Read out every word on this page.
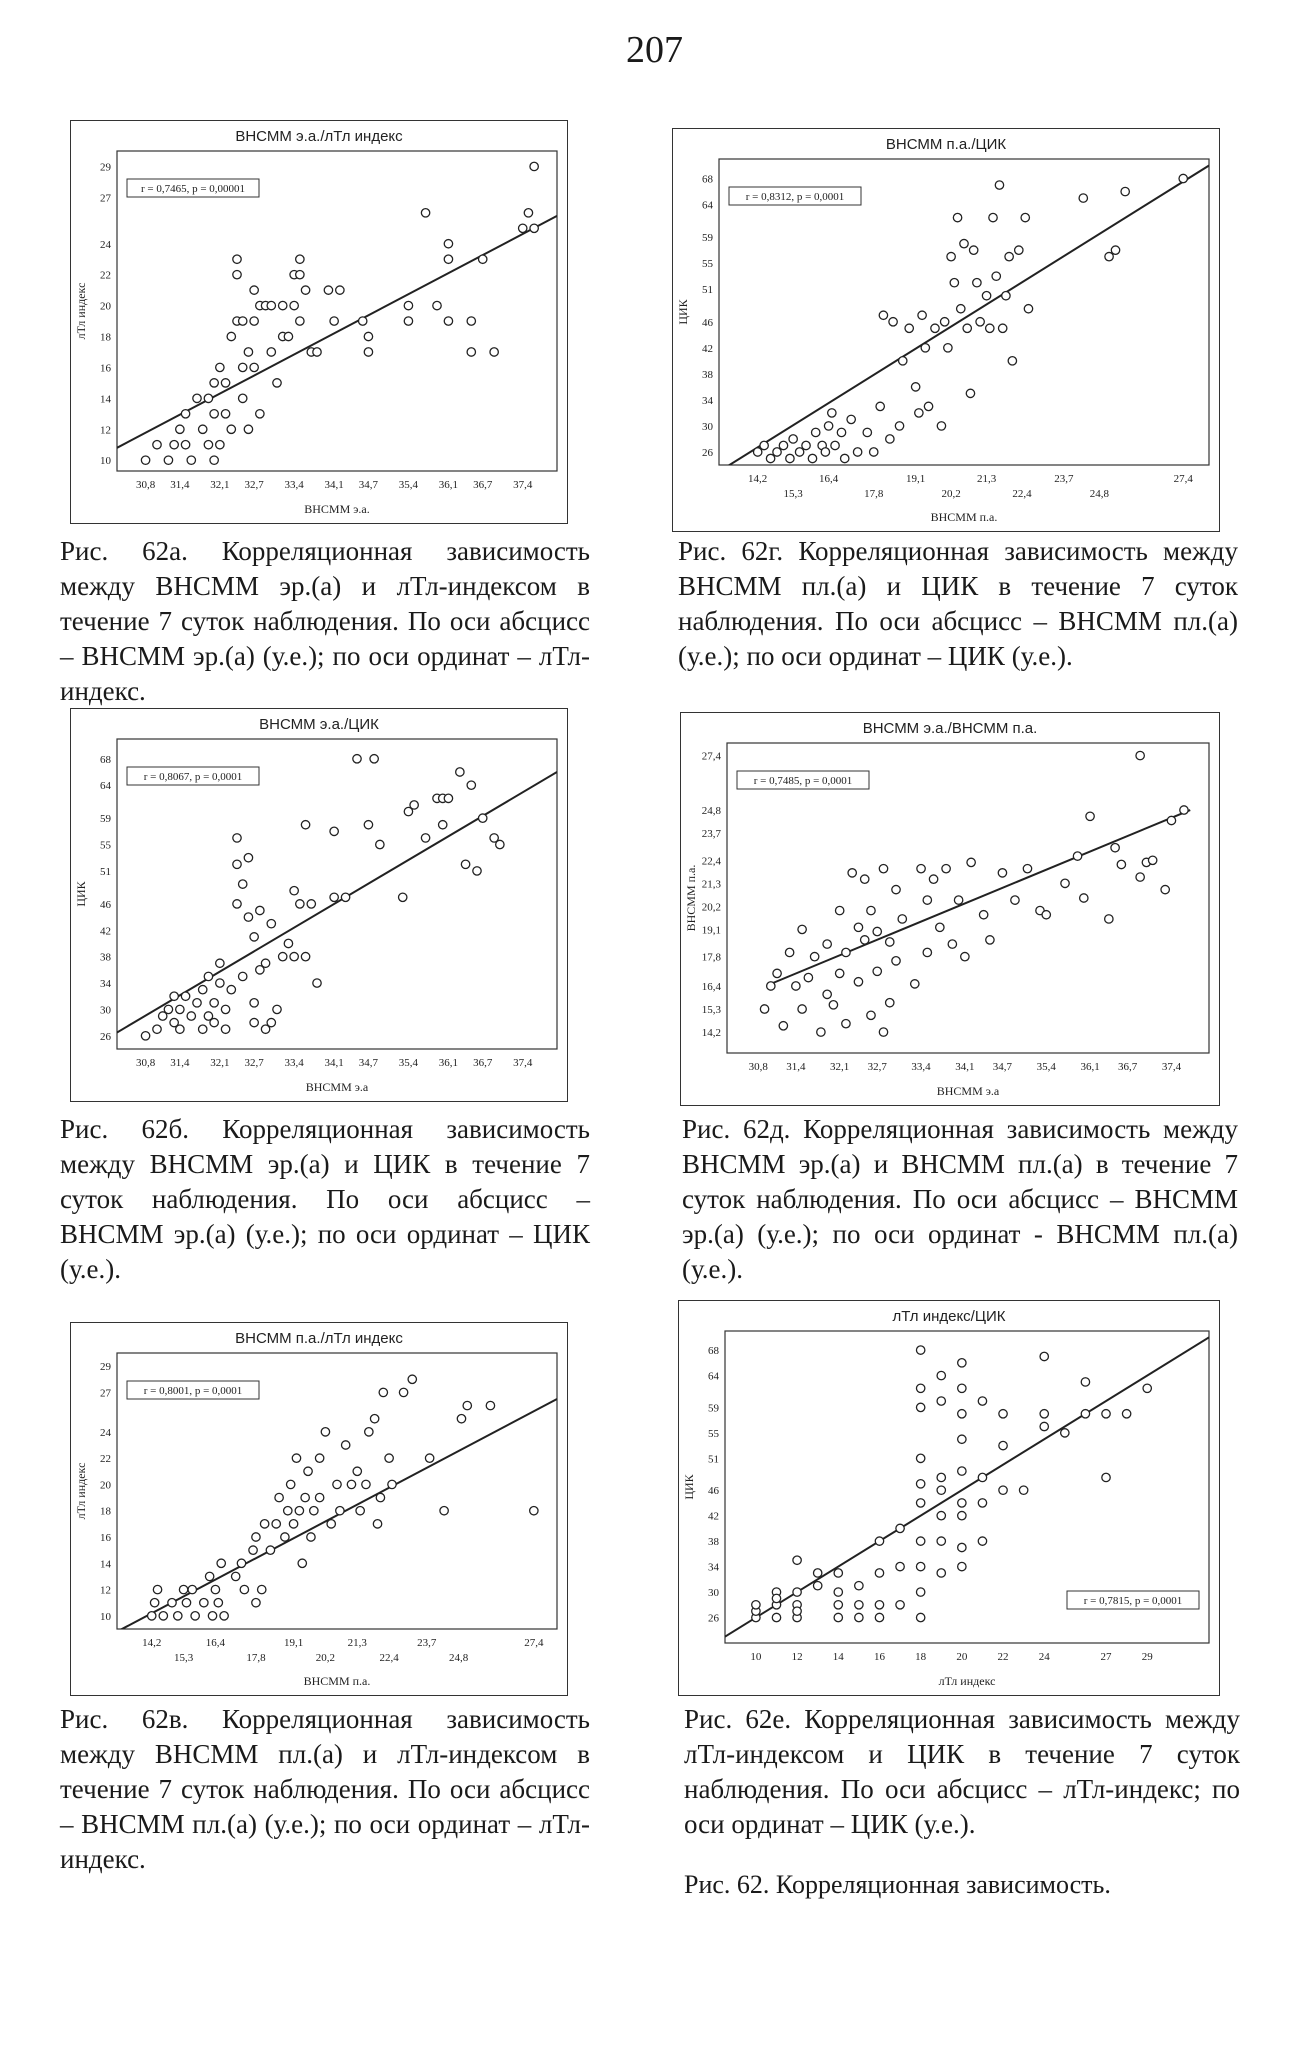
207
ВНСММ э.а./лТл индекс
30,8 31,4 32,1 32,7 33,4 34,1 34,7 35,4 36,1 36,7 37,4
10
12
14
16
18
20
22
24
27
29
ВНСММ э.а.
лТл индекс
r = 0,7465, p = 0,00001
Рис. 62а. Корреляционная зависимость между ВНСММ эр.(а) и лТл-индексом в течение 7 суток наблюдения. По оси абсцисс – ВНСММ эр.(а) (у.е.); по оси ординат – лТл-индекс.
ВНСММ э.а./ЦИК
30,8 31,4 32,1 32,7 33,4 34,1 34,7 35,4 36,1 36,7 37,4
26
30
34
38
42
46
51
55
59
64
68
ВНСММ э.а
ЦИК
r = 0,8067, p = 0,0001
Рис. 62б. Корреляционная зависимость между ВНСММ эр.(а) и ЦИК в течение 7 суток наблюдения. По оси абсцисс – ВНСММ эр.(а) (у.е.); по оси ординат – ЦИК (у.е.).
ВНСММ п.а./лТл индекс
14,2	16,4	19,1	21,3	23,7	27,4
15,3	17,8	20,2	22,4	24,8
10
12
14
16
18
20
22
24
27
29
ВНСММ п.а.
лТл индекс
r = 0,8001, p = 0,0001
Рис. 62в. Корреляционная зависимость между ВНСММ пл.(а) и лТл-индексом в течение 7 суток наблюдения. По оси абсцисс – ВНСММ пл.(а) (у.е.); по оси ординат – лТл-индекс.
ВНСММ п.а./ЦИК
14,2	16,4	19,1	21,3	23,7	27,4
15,3	17,8	20,2	22,4	24,8
26
30
34
38
42
46
51
55
59
64
68
ВНСММ п.а.
ЦИК
r = 0,8312, p = 0,0001
Рис. 62г. Корреляционная зависимость между ВНСММ пл.(а) и ЦИК в течение 7 суток наблюдения. По оси абсцисс – ВНСММ пл.(а) (у.е.); по оси ординат – ЦИК (у.е.).
ВНСММ э.а./ВНСММ п.а.
30,8 31,4 32,1 32,7 33,4 34,1 34,7 35,4 36,1 36,7 37,4
14,2
15,3
16,4
17,8
19,1
20,2
21,3
22,4
23,7
24,8
27,4
ВНСММ э.а
ВНСММ п.а.
r = 0,7485, p = 0,0001
Рис. 62д. Корреляционная зависимость между ВНСММ эр.(а) и ВНСММ пл.(а) в течение 7 суток наблюдения. По оси абсцисс – ВНСММ эр.(а) (у.е.); по оси ординат - ВНСММ пл.(а) (у.е.).
лТл индекс/ЦИК
10	12	14	16	18	20	22	24	27	29
26
30
34
38
42
46
51
55
59
64
68
лТл индекс
ЦИК
r = 0,7815, p = 0,0001
Рис. 62е. Корреляционная зависимость между лТл-индексом и ЦИК в течение 7 суток наблюдения. По оси абсцисс – лТл-индекс; по оси ординат – ЦИК (у.е.).
Рис. 62. Корреляционная зависимость.
